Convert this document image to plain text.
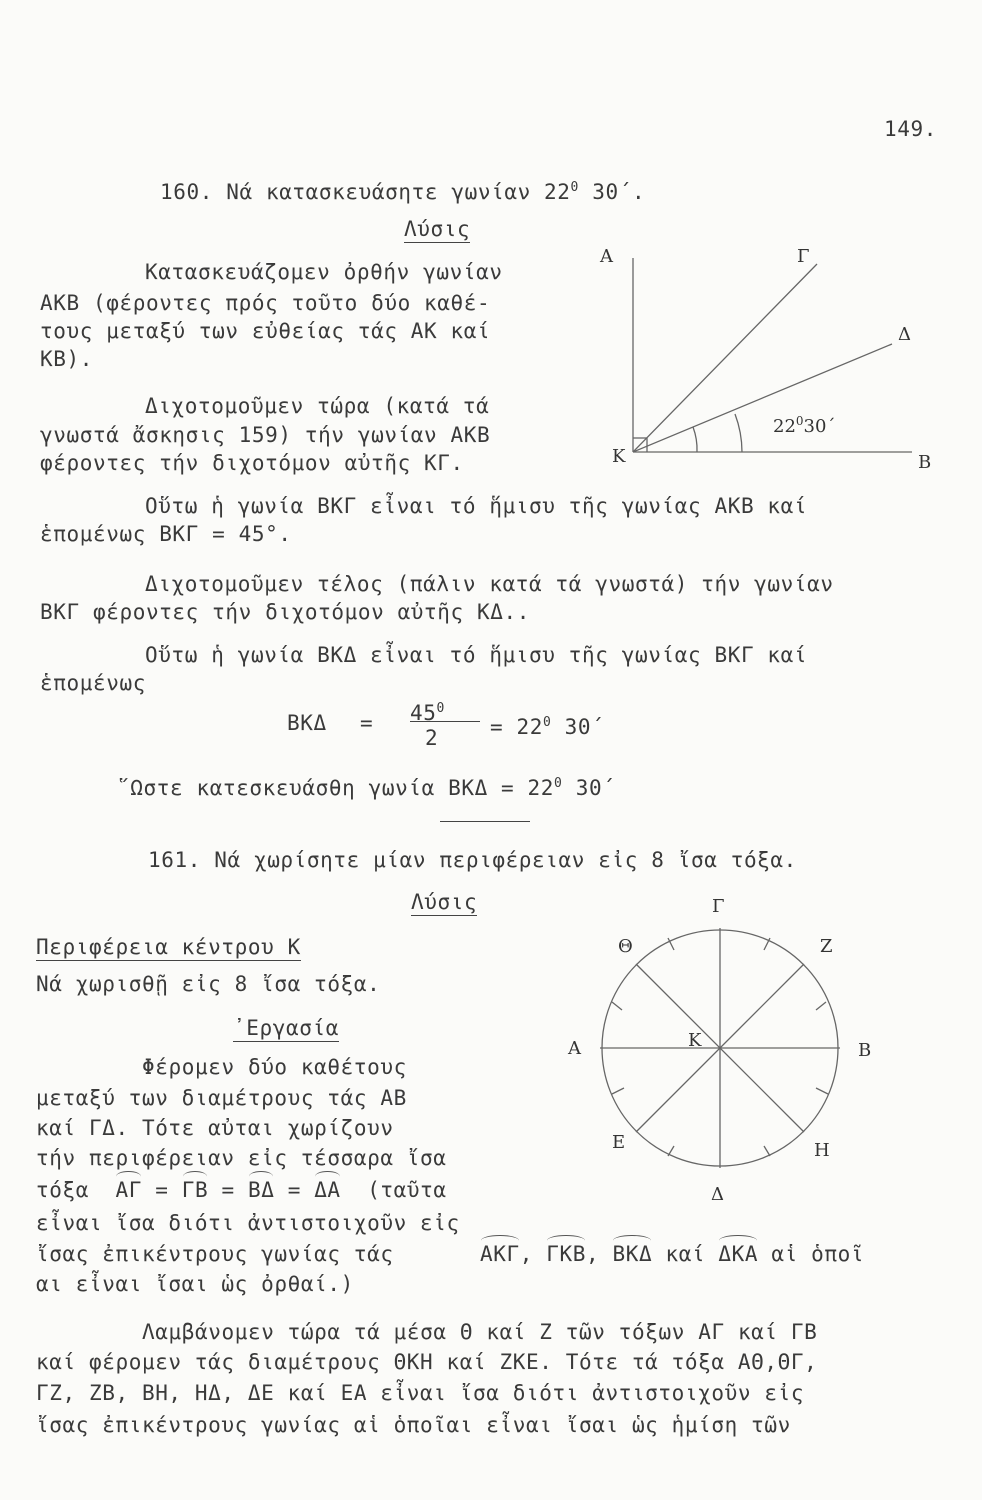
149.
160. Νά κατασκευάσητε γωνίαν $22^0$ 30΄.
Λύσις
Κατασκευάζομεν ὀρθήν γωνίαν
ΑΚΒ (φέροντες πρός τοῦτο δύο καθέ-
τους μεταξύ των εὐθείας τάς ΑΚ καί
ΚΒ).
Διχοτομοῦμεν τώρα (κατά τά
γνωστά ἄσκησις 159) τήν γωνίαν ΑΚΒ
φέροντες τήν διχοτόμον αὐτῆς ΚΓ.
Οὕτω ἡ γωνία ΒΚΓ εἶναι τό ἥμισυ τῆς γωνίας ΑΚΒ καί
ἑπομένως ΒΚΓ = 45°.
Διχοτομοῦμεν τέλος (πάλιν κατά τά γνωστά) τήν γωνίαν
ΒΚΓ φέροντες τήν διχοτόμον αὐτῆς ΚΔ..
Οὕτω ἡ γωνία ΒΚΔ εἶναι τό ἥμισυ τῆς γωνίας ΒΚΓ καί
ἑπομένως
$BK\Delta = 45^0$
$2 = 22^0$ 30΄
῞Ωστε κατεσκευάσθη γωνία $BK\Delta = 22^0$ 30΄
161. Νά χωρίσητε μίαν περιφέρειαν εἰς 8 ἴσα τόξα.
Λύσις
Περιφέρεια κέντρου Κ
Νά χωρισθῇ εἰς 8 ἴσα τόξα.
᾿Εργασία
Φέρομεν δύο καθέτους
μεταξύ των διαμέτρους τάς ΑΒ
καί ΓΔ. Τότε αὐται χωρίζουν
τήν περιφέρειαν εἰς τέσσαρα ἴσα
τόξα ΑΓ = ΓΒ = ΒΔ = ΔΑ (ταῦτα
εἶναι ἴσα διότι ἀντιστοιχοῦν εἰς
ἴσας ἐπικέντρους γωνίας τάς	ΑΚΓ, ΓΚΒ, ΒΚΔ καί ΔΚΑ αἱ ὁποῖ
αι εἶναι ἴσαι ὡς ὀρθαί.)
Λαμβάνομεν τώρα τά μέσα Θ καί Ζ τῶν τόξων ΑΓ καί ΓΒ
καί φέρομεν τάς διαμέτρους ΘΚΗ καί ΖΚΕ. Τότε τά τόξα ΑΘ,ΘΓ,
ΓΖ, ΖΒ, ΒΗ, ΗΔ, ΔΕ καί ΕΑ εἶναι ἴσα διότι ἀντιστοιχοῦν εἰς
ἴσας ἐπικέντρους γωνίας αἱ ὁποῖαι εἶναι ἴσαι ὡς ἡμίση τῶν
Α	Γ
Δ
Κ	Β
$22^030΄$
Γ
Θ	Ζ
Α	Κ	Β
Ε	Η
Δ
